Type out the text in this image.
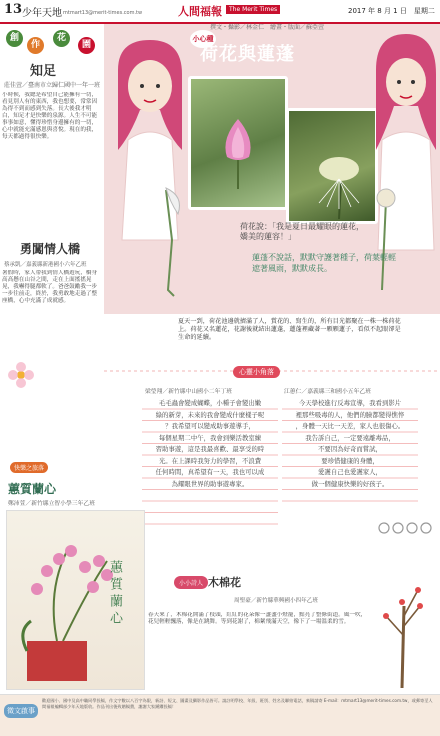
13 少年天地 mtmart13@merit-times.com.tw	人間福報	The Merit Times	2017 年 8 月 1 日　星期二
創
作
花
園
知足
莊佳萱／臺南市立歸仁國中一年一班
小時候，我總是希望自己能擁有一切，看見別人有的東西，我也想要，常常因為得不到而感到失落。長大後我才明白，知足才是快樂的泉源。人生不可能事事如意，懂得珍惜身邊擁有的一切，心中就能充滿感恩與喜悅。現在的我，每天都過得很快樂。
勇闖情人橋
蔡承凱／嘉義縣新港國小六年乙班
暑假時，家人帶我到情人橋遊玩，橋身高高懸在山谷之間，走在上面搖搖晃晃，我嚇得腿都軟了。爸爸鼓勵我一步一步往前走，終於，我勇敢地走過了整座橋，心中充滿了成就感。
小心種
撰文・攝影／林金仁　繪畫・版面／蘇亞萱
荷花與蓮蓬
荷花說：「我是夏日最耀眼的蓮花，嬌美的蓮容！」
蓮蓬不說話，默默守護著種子，荷葉輕輕遮著風雨，默默成長。
夏天一到，荷花池邊就擠滿了人，賞花的、寫生的，所有目光都聚在一株一株荷花上。荷花又名蓮花，花謝後就結出蓮蓬，蓮蓬裡藏著一顆顆蓮子，看似不起眼卻是生命的延續。
心靈小角落
梁瑩翔／新竹縣中山國小二年丁班	江蕙仁／嘉義縣三和國小五年乙班
毛毛蟲會變成蝴蝶，小種子會變出嫩
綠的新芽，未來的我會變成什麼樣子呢
？我希望可以變成助事遊導手，
每個星期二中午，我會到樂活教室練
習助事遊，這是我最喜歡、最享受的時
光。在上課時我努力的學習，不浪費
任何時間，真希望有一天，我也可以成
為耀眼世界的助事遊專家。
今天學校進行反毒宣導，我看到影片
裡那些吸毒的人，他們的臉都變得憔悴
，身體一天比一天差，家人也很傷心。
我告訴自己，一定要遠離毒品，
不要因為好奇而嘗試，
要珍惜健康的身體，
愛護自己也愛護家人，
做一個健康快樂的好孩子。
快樂之旅落
蕙質蘭心
鄭沛萱／新竹縣立智小學三年乙班
蕙質蘭心	小小詩人 木棉花
周聖豪／新竹縣華興國小四年乙班
春天來了，木棉花開滿了枝頭，紅紅的花朵像一盞盞小燈籠，點亮了整條街道。風一吹，花兒輕輕飄落，像是在跳舞。等到花謝了，棉絮飛滿天空，像下了一場溫柔的雪。
徵文啟事
歡迎國小、國中及高中職同學投稿，作文字數以八百字為限，新詩、短文、圖畫及攝影作品皆可。請註明學校、年級、班別、姓名及聯絡電話，來稿請寄 E-mail：mtmart13@merit-times.com.tw，或郵寄至人間福報編輯部少年天地版收。作品刊出後致贈稿費，謝謝大家踴躍投稿！
